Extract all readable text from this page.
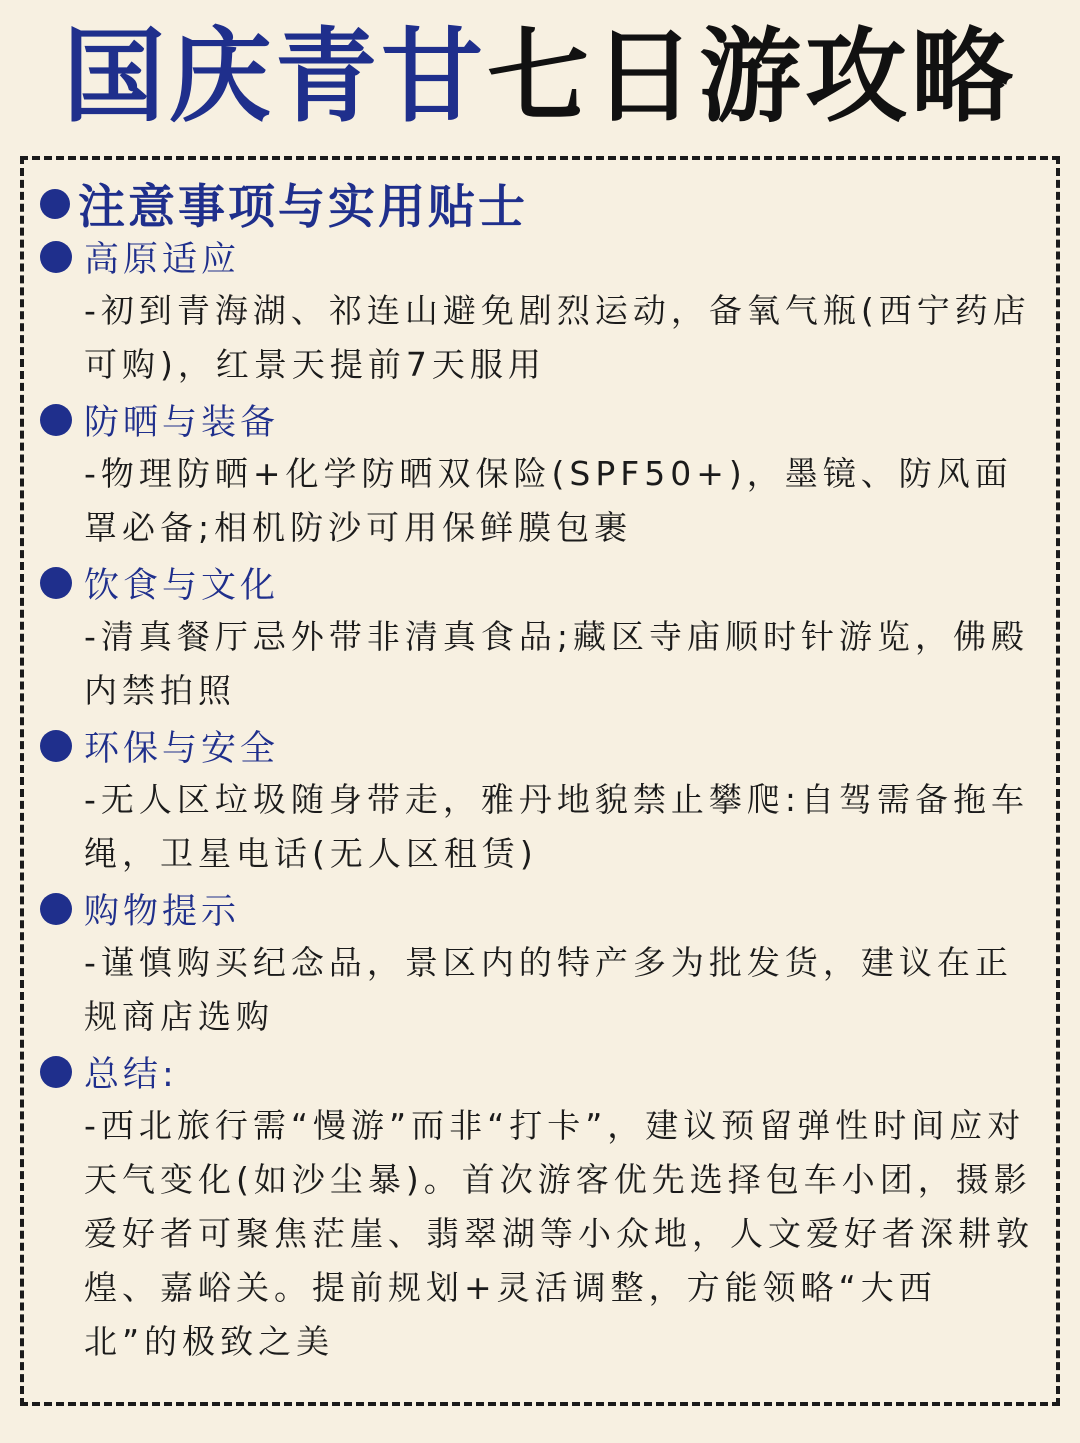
国庆青甘七日游攻略
注意事项与实用贴士
高原适应
-初到青海湖、祁连山避免剧烈运动，备氧气瓶(西宁药店可购)，红景天提前7天服用
防晒与装备
-物理防晒+化学防晒双保险(SPF50+)，墨镜、防风面罩必备;相机防沙可用保鲜膜包裹
饮食与文化
-清真餐厅忌外带非清真食品;藏区寺庙顺时针游览，佛殿内禁拍照
环保与安全
-无人区垃圾随身带走，雅丹地貌禁止攀爬:自驾需备拖车绳，卫星电话(无人区租赁)
购物提示
-谨慎购买纪念品，景区内的特产多为批发货，建议在正规商店选购
总结:
-西北旅行需“慢游”而非“打卡”，建议预留弹性时间应对天气变化(如沙尘暴)。首次游客优先选择包车小团，摄影爱好者可聚焦茫崖、翡翠湖等小众地，人文爱好者深耕敦煌、嘉峪关。提前规划+灵活调整，方能领略“大西北”的极致之美
